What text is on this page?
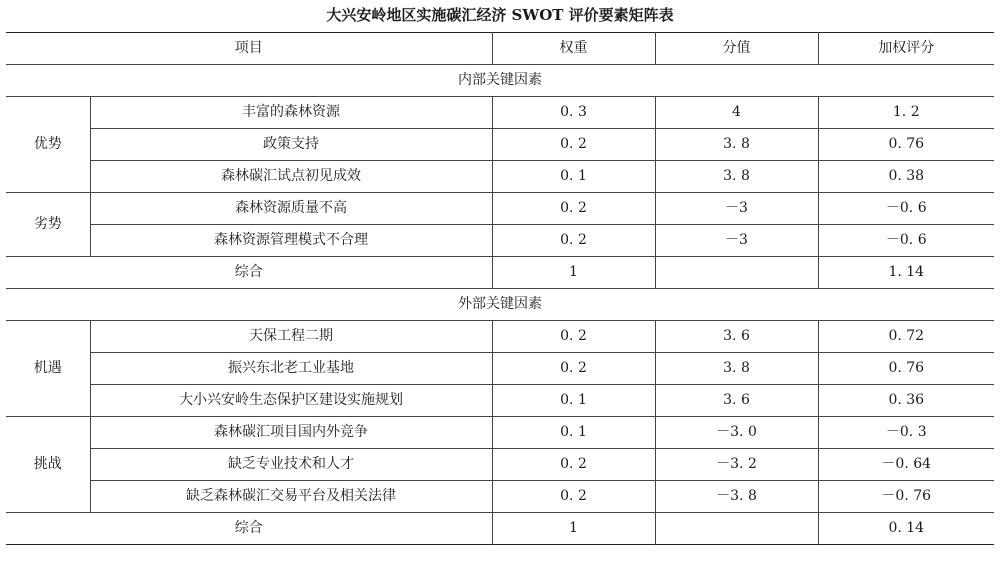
大兴安岭地区实施碳汇经济 SWOT 评价要素矩阵表
项目		权重	分值	加权评分
内部关键因素				
优势	丰富的森林资源	0. 3	4	1. 2
	政策支持	0. 2	3. 8	0. 76
	森林碳汇试点初见成效	0. 1	3. 8	0. 38
劣势	森林资源质量不高	0. 2	－3	－0. 6
	森林资源管理模式不合理	0. 2	－3	－0. 6
综合		1		1. 14
外部关键因素				
机遇	天保工程二期	0. 2	3. 6	0. 72
	振兴东北老工业基地	0. 2	3. 8	0. 76
	大小兴安岭生态保护区建设实施规划	0. 1	3. 6	0. 36
挑战	森林碳汇项目国内外竞争	0. 1	－3. 0	－0. 3
	缺乏专业技术和人才	0. 2	－3. 2	－0. 64
	缺乏森林碳汇交易平台及相关法律	0. 2	－3. 8	－0. 76
综合		1		0. 14
